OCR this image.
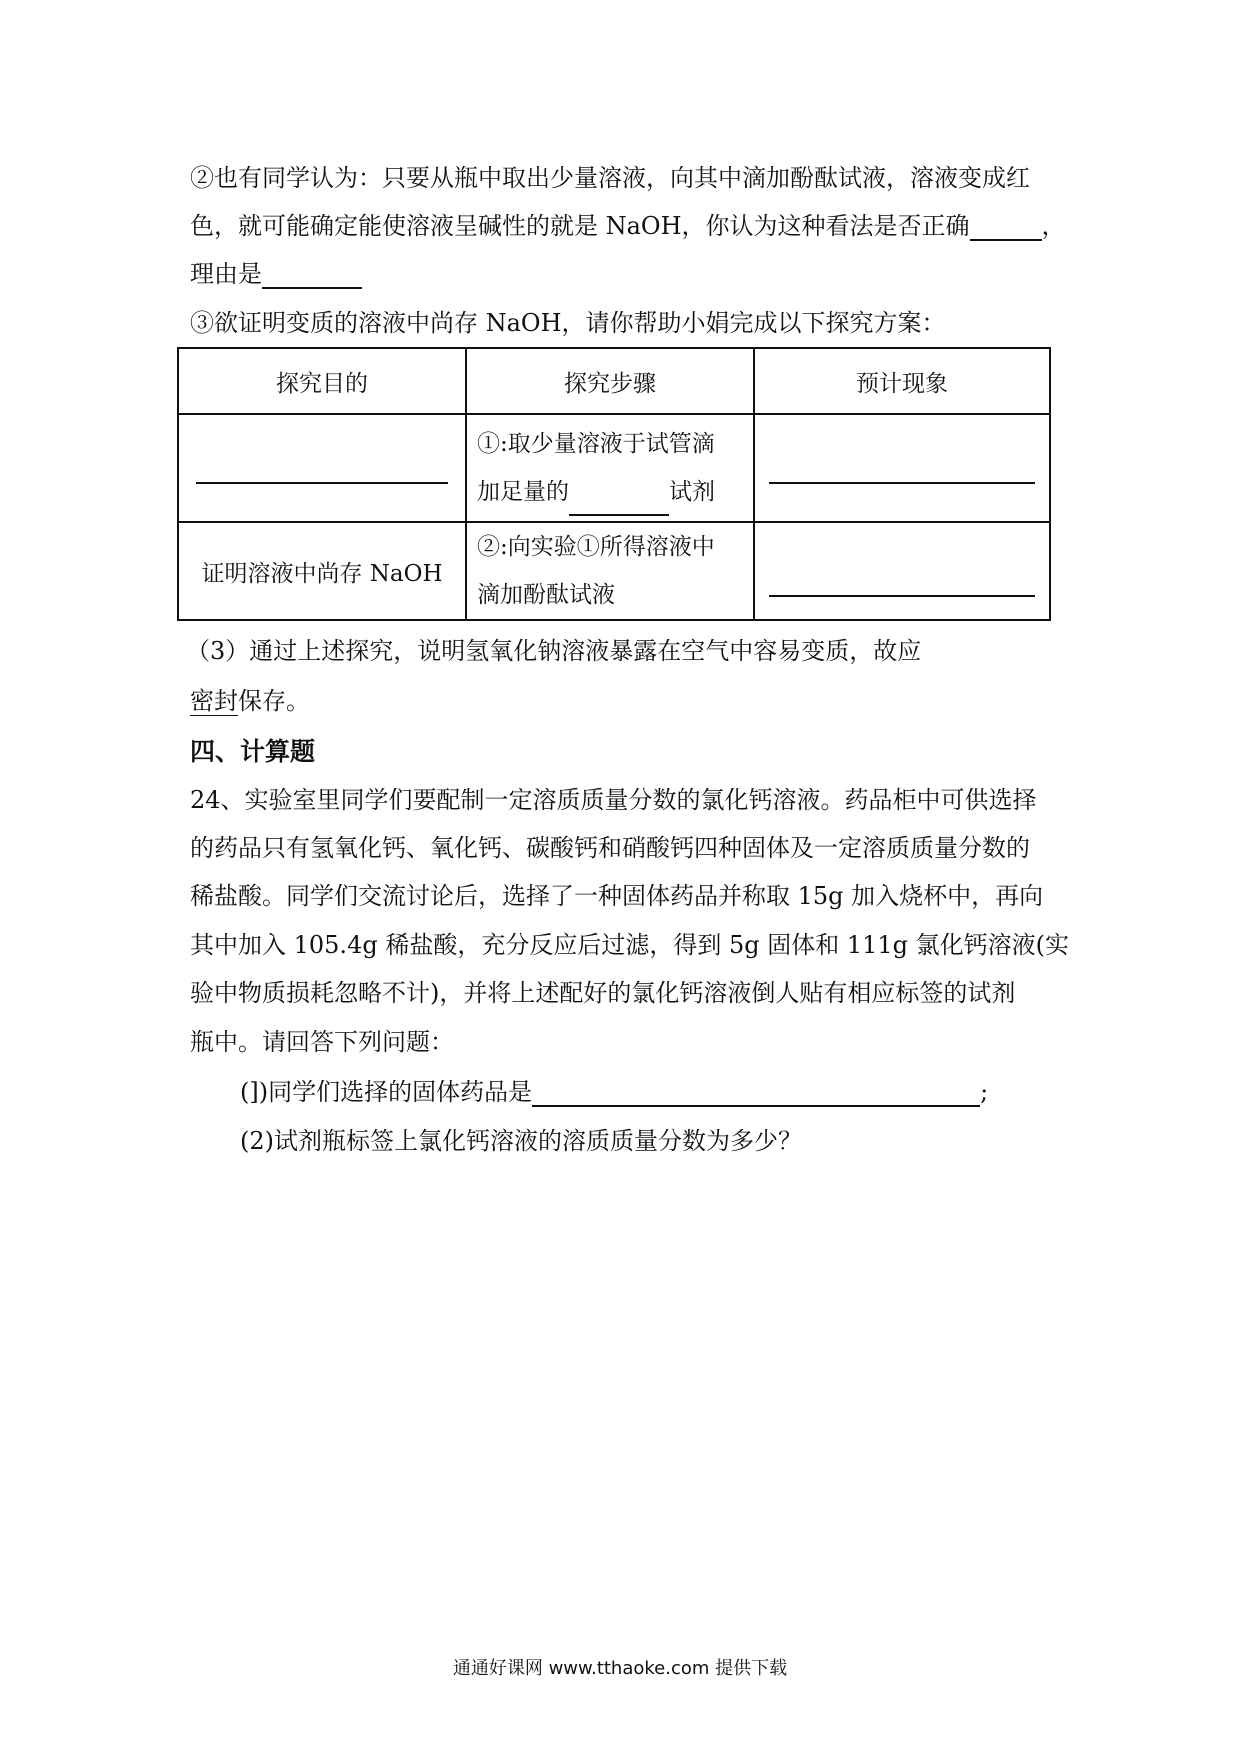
②也有同学认为：只要从瓶中取出少量溶液，向其中滴加酚酞试液，溶液变成红
色，就可能确定能使溶液呈碱性的就是 NaOH，你认为这种看法是否正确	，
理由是
③欲证明变质的溶液中尚存 NaOH，请你帮助小娟完成以下探究方案：
探究目的	探究步骤	预计现象

	①:取少量溶液于试管滴
加足量的 试剂	

证明溶液中尚存 NaOH	②:向实验①所得溶液中
滴加酚酞试液	

（3）通过上述探究，说明氢氧化钠溶液暴露在空气中容易变质，故应
密封保存。
四、计算题
24、实验室里同学们要配制一定溶质质量分数的氯化钙溶液。药品柜中可供选择
的药品只有氢氧化钙、氧化钙、碳酸钙和硝酸钙四种固体及一定溶质质量分数的
稀盐酸。同学们交流讨论后，选择了一种固体药品并称取 15g 加入烧杯中，再向
其中加入 105.4g 稀盐酸，充分反应后过滤，得到 5g 固体和 111g 氯化钙溶液(实
验中物质损耗忽略不计)，并将上述配好的氯化钙溶液倒人贴有相应标签的试剂
瓶中。请回答下列问题：
(])同学们选择的固体药品是	;
(2)试剂瓶标签上氯化钙溶液的溶质质量分数为多少？
通通好课网 www.tthaoke.com 提供下载
